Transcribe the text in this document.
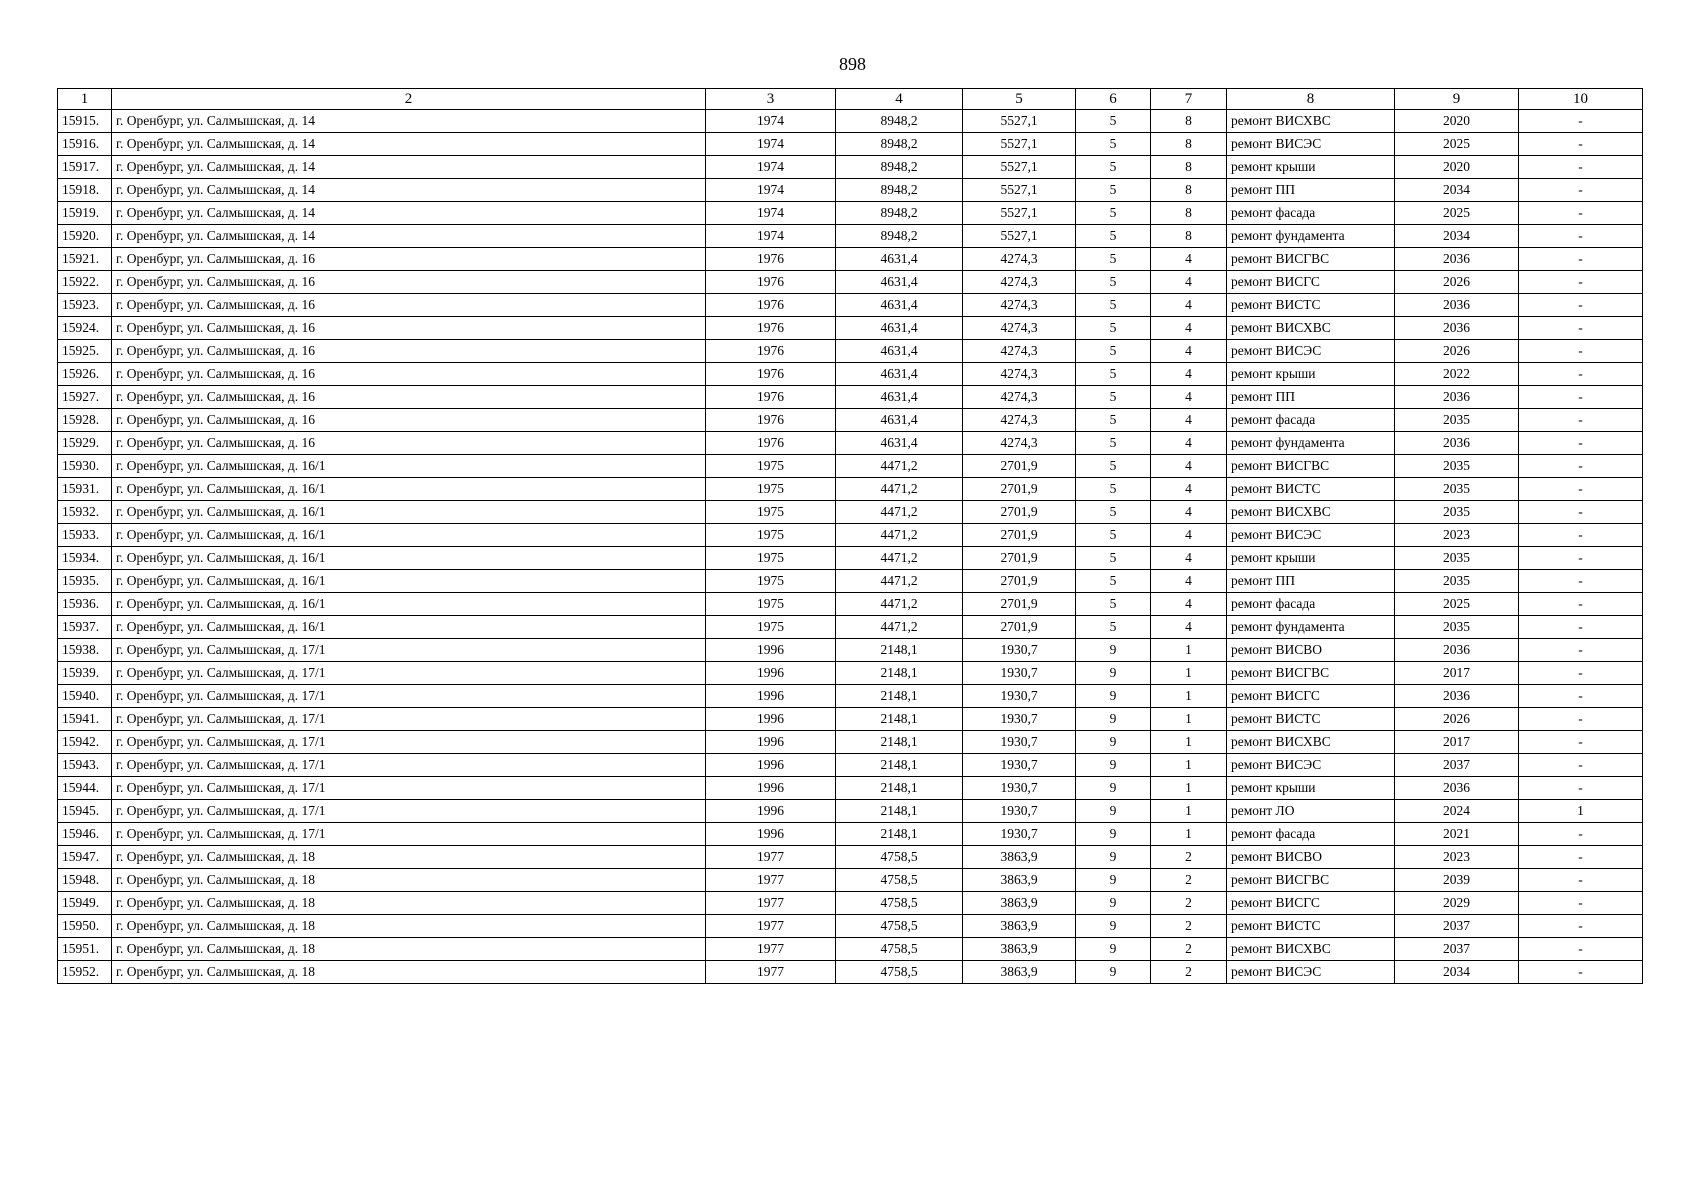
898
1	2	3	4	5	6	7	8	9	10
15915.	г. Оренбург, ул. Салмышская, д. 14	1974	8948,2	5527,1	5	8	ремонт ВИСХВС	2020	-
15916.	г. Оренбург, ул. Салмышская, д. 14	1974	8948,2	5527,1	5	8	ремонт ВИСЭС	2025	-
15917.	г. Оренбург, ул. Салмышская, д. 14	1974	8948,2	5527,1	5	8	ремонт крыши	2020	-
15918.	г. Оренбург, ул. Салмышская, д. 14	1974	8948,2	5527,1	5	8	ремонт ПП	2034	-
15919.	г. Оренбург, ул. Салмышская, д. 14	1974	8948,2	5527,1	5	8	ремонт фасада	2025	-
15920.	г. Оренбург, ул. Салмышская, д. 14	1974	8948,2	5527,1	5	8	ремонт фундамента	2034	-
15921.	г. Оренбург, ул. Салмышская, д. 16	1976	4631,4	4274,3	5	4	ремонт ВИСГВС	2036	-
15922.	г. Оренбург, ул. Салмышская, д. 16	1976	4631,4	4274,3	5	4	ремонт ВИСГС	2026	-
15923.	г. Оренбург, ул. Салмышская, д. 16	1976	4631,4	4274,3	5	4	ремонт ВИСТС	2036	-
15924.	г. Оренбург, ул. Салмышская, д. 16	1976	4631,4	4274,3	5	4	ремонт ВИСХВС	2036	-
15925.	г. Оренбург, ул. Салмышская, д. 16	1976	4631,4	4274,3	5	4	ремонт ВИСЭС	2026	-
15926.	г. Оренбург, ул. Салмышская, д. 16	1976	4631,4	4274,3	5	4	ремонт крыши	2022	-
15927.	г. Оренбург, ул. Салмышская, д. 16	1976	4631,4	4274,3	5	4	ремонт ПП	2036	-
15928.	г. Оренбург, ул. Салмышская, д. 16	1976	4631,4	4274,3	5	4	ремонт фасада	2035	-
15929.	г. Оренбург, ул. Салмышская, д. 16	1976	4631,4	4274,3	5	4	ремонт фундамента	2036	-
15930.	г. Оренбург, ул. Салмышская, д. 16/1	1975	4471,2	2701,9	5	4	ремонт ВИСГВС	2035	-
15931.	г. Оренбург, ул. Салмышская, д. 16/1	1975	4471,2	2701,9	5	4	ремонт ВИСТС	2035	-
15932.	г. Оренбург, ул. Салмышская, д. 16/1	1975	4471,2	2701,9	5	4	ремонт ВИСХВС	2035	-
15933.	г. Оренбург, ул. Салмышская, д. 16/1	1975	4471,2	2701,9	5	4	ремонт ВИСЭС	2023	-
15934.	г. Оренбург, ул. Салмышская, д. 16/1	1975	4471,2	2701,9	5	4	ремонт крыши	2035	-
15935.	г. Оренбург, ул. Салмышская, д. 16/1	1975	4471,2	2701,9	5	4	ремонт ПП	2035	-
15936.	г. Оренбург, ул. Салмышская, д. 16/1	1975	4471,2	2701,9	5	4	ремонт фасада	2025	-
15937.	г. Оренбург, ул. Салмышская, д. 16/1	1975	4471,2	2701,9	5	4	ремонт фундамента	2035	-
15938.	г. Оренбург, ул. Салмышская, д. 17/1	1996	2148,1	1930,7	9	1	ремонт ВИСВО	2036	-
15939.	г. Оренбург, ул. Салмышская, д. 17/1	1996	2148,1	1930,7	9	1	ремонт ВИСГВС	2017	-
15940.	г. Оренбург, ул. Салмышская, д. 17/1	1996	2148,1	1930,7	9	1	ремонт ВИСГС	2036	-
15941.	г. Оренбург, ул. Салмышская, д. 17/1	1996	2148,1	1930,7	9	1	ремонт ВИСТС	2026	-
15942.	г. Оренбург, ул. Салмышская, д. 17/1	1996	2148,1	1930,7	9	1	ремонт ВИСХВС	2017	-
15943.	г. Оренбург, ул. Салмышская, д. 17/1	1996	2148,1	1930,7	9	1	ремонт ВИСЭС	2037	-
15944.	г. Оренбург, ул. Салмышская, д. 17/1	1996	2148,1	1930,7	9	1	ремонт крыши	2036	-
15945.	г. Оренбург, ул. Салмышская, д. 17/1	1996	2148,1	1930,7	9	1	ремонт ЛО	2024	1
15946.	г. Оренбург, ул. Салмышская, д. 17/1	1996	2148,1	1930,7	9	1	ремонт фасада	2021	-
15947.	г. Оренбург, ул. Салмышская, д. 18	1977	4758,5	3863,9	9	2	ремонт ВИСВО	2023	-
15948.	г. Оренбург, ул. Салмышская, д. 18	1977	4758,5	3863,9	9	2	ремонт ВИСГВС	2039	-
15949.	г. Оренбург, ул. Салмышская, д. 18	1977	4758,5	3863,9	9	2	ремонт ВИСГС	2029	-
15950.	г. Оренбург, ул. Салмышская, д. 18	1977	4758,5	3863,9	9	2	ремонт ВИСТС	2037	-
15951.	г. Оренбург, ул. Салмышская, д. 18	1977	4758,5	3863,9	9	2	ремонт ВИСХВС	2037	-
15952.	г. Оренбург, ул. Салмышская, д. 18	1977	4758,5	3863,9	9	2	ремонт ВИСЭС	2034	-
